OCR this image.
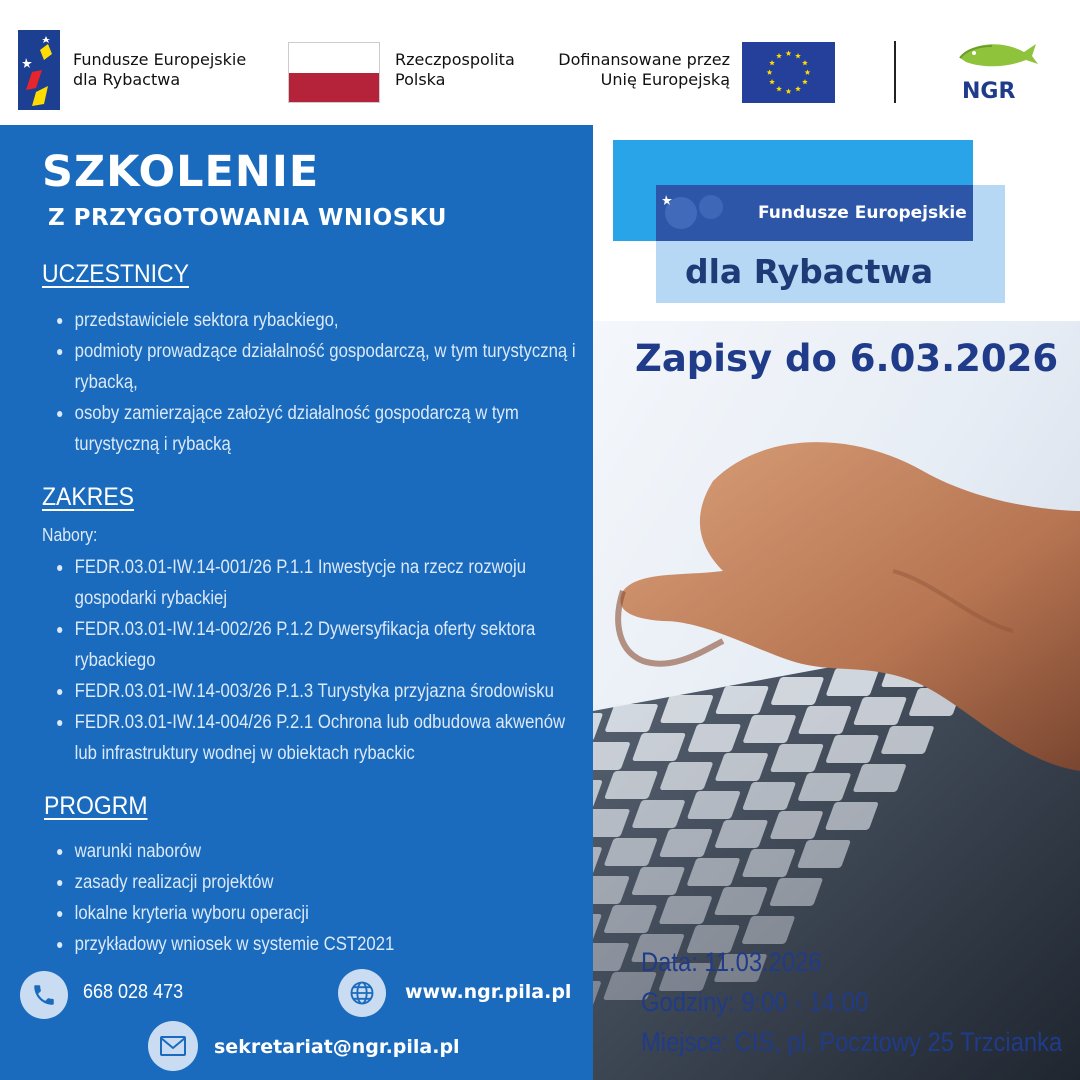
Fundusze Europejskie
dla Rybactwa
Rzeczpospolita
Polska
Dofinansowane przez
Unię Europejską	NGR
SZKOLENIE
Z PRZYGOTOWANIA WNIOSKU
UCZESTNICY
przedstawiciele sektora rybackiego,
podmioty prowadzące działalność gospodarczą, w tym turystyczną i rybacką,
osoby zamierzające założyć działalność gospodarczą w tym turystyczną i rybacką
ZAKRES
Nabory:
FEDR.03.01-IW.14-001/26 P.1.1 Inwestycje na rzecz rozwoju gospodarki rybackiej
FEDR.03.01-IW.14-002/26 P.1.2 Dywersyfikacja oferty sektora rybackiego
FEDR.03.01-IW.14-003/26 P.1.3 Turystyka przyjazna środowisku
FEDR.03.01-IW.14-004/26 P.2.1 Ochrona lub odbudowa akwenów lub infrastruktury wodnej w obiektach rybackic
PROGRM
warunki naborów
zasady realizacji projektów
lokalne kryteria wyboru operacji
przykładowy wniosek w systemie CST2021
668 028 473	www.ngr.pila.pl
sekretariat@ngr.pila.pl
Fundusze Europejskie
dla Rybactwa
Zapisy do 6.03.2026
Data: 11.03.2026
Godziny: 9:00 - 14:00
Miejsce: CIS, pl. Pocztowy 25 Trzcianka
